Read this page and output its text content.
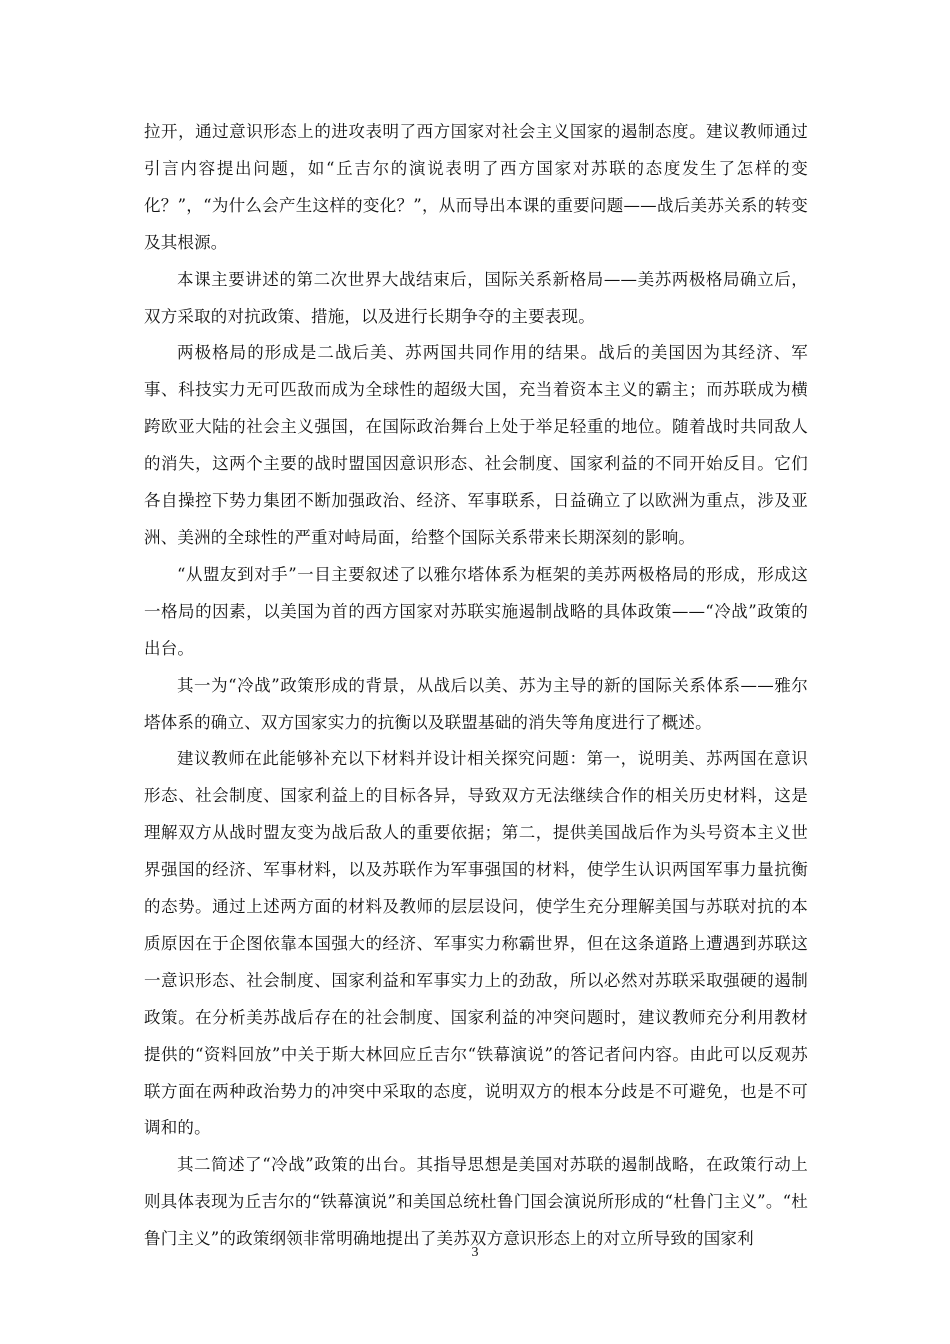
拉开，通过意识形态上的进攻表明了西方国家对社会主义国家的遏制态度。建议教师通过引言内容提出问题，如“丘吉尔的演说表明了西方国家对苏联的态度发生了怎样的变化？”，“为什么会产生这样的变化？”，从而导出本课的重要问题——战后美苏关系的转变及其根源。

本课主要讲述的第二次世界大战结束后，国际关系新格局——美苏两极格局确立后，双方采取的对抗政策、措施，以及进行长期争夺的主要表现。

两极格局的形成是二战后美、苏两国共同作用的结果。战后的美国因为其经济、军事、科技实力无可匹敌而成为全球性的超级大国，充当着资本主义的霸主；而苏联成为横跨欧亚大陆的社会主义强国，在国际政治舞台上处于举足轻重的地位。随着战时共同敌人的消失，这两个主要的战时盟国因意识形态、社会制度、国家利益的不同开始反目。它们各自操控下势力集团不断加强政治、经济、军事联系，日益确立了以欧洲为重点，涉及亚洲、美洲的全球性的严重对峙局面，给整个国际关系带来长期深刻的影响。

“从盟友到对手”一目主要叙述了以雅尔塔体系为框架的美苏两极格局的形成，形成这一格局的因素，以美国为首的西方国家对苏联实施遏制战略的具体政策——“冷战”政策的出台。

其一为“冷战”政策形成的背景，从战后以美、苏为主导的新的国际关系体系——雅尔塔体系的确立、双方国家实力的抗衡以及联盟基础的消失等角度进行了概述。

建议教师在此能够补充以下材料并设计相关探究问题：第一，说明美、苏两国在意识形态、社会制度、国家利益上的目标各异，导致双方无法继续合作的相关历史材料，这是理解双方从战时盟友变为战后敌人的重要依据；第二，提供美国战后作为头号资本主义世界强国的经济、军事材料，以及苏联作为军事强国的材料，使学生认识两国军事力量抗衡的态势。通过上述两方面的材料及教师的层层设问，使学生充分理解美国与苏联对抗的本质原因在于企图依靠本国强大的经济、军事实力称霸世界，但在这条道路上遭遇到苏联这一意识形态、社会制度、国家利益和军事实力上的劲敌，所以必然对苏联采取强硬的遏制政策。在分析美苏战后存在的社会制度、国家利益的冲突问题时，建议教师充分利用教材提供的“资料回放”中关于斯大林回应丘吉尔“铁幕演说”的答记者问内容。由此可以反观苏联方面在两种政治势力的冲突中采取的态度，说明双方的根本分歧是不可避免，也是不可调和的。

其二简述了“冷战”政策的出台。其指导思想是美国对苏联的遏制战略，在政策行动上则具体表现为丘吉尔的“铁幕演说”和美国总统杜鲁门国会演说所形成的“杜鲁门主义”。“杜鲁门主义”的政策纲领非常明确地提出了美苏双方意识形态上的对立所导致的国家利

3
